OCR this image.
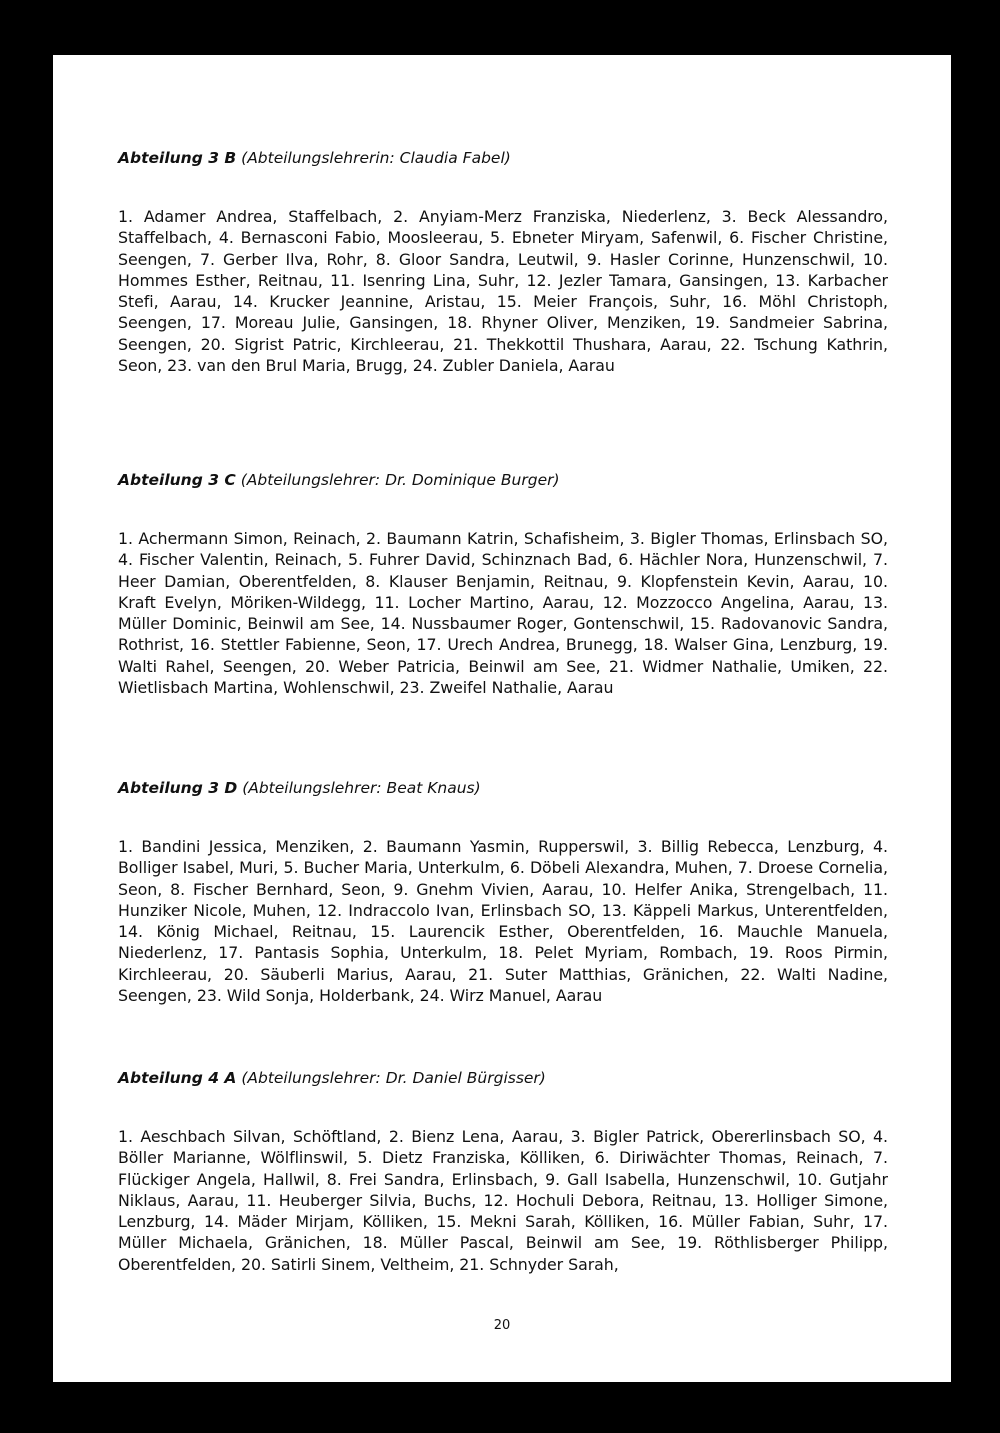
Abteilung 3 B (Abteilungslehrerin: Claudia Fabel)
1. Adamer Andrea, Staffelbach, 2. Anyiam-Merz Franziska, Niederlenz, 3. Beck Alessandro, Staffelbach, 4. Bernasconi Fabio, Moosleerau, 5. Ebneter Miryam, Safenwil, 6. Fischer Christine, Seengen, 7. Gerber Ilva, Rohr, 8. Gloor Sandra, Leutwil, 9. Hasler Corinne, Hunzenschwil, 10. Hommes Esther, Reitnau, 11. Isenring Lina, Suhr, 12. Jezler Tamara, Gansingen, 13. Karbacher Stefi, Aarau, 14. Krucker Jeannine, Aristau, 15. Meier François, Suhr, 16. Möhl Christoph, Seengen, 17. Moreau Julie, Gansingen, 18. Rhyner Oliver, Menziken, 19. Sandmeier Sabrina, Seengen, 20. Sigrist Patric, Kirchleerau, 21. Thekkottil Thushara, Aarau, 22. Tschung Kathrin, Seon, 23. van den Brul Maria, Brugg, 24. Zubler Daniela, Aarau
Abteilung 3 C (Abteilungslehrer: Dr. Dominique Burger)
1. Achermann Simon, Reinach, 2. Baumann Katrin, Schafisheim, 3. Bigler Thomas, Erlinsbach SO, 4. Fischer Valentin, Reinach, 5. Fuhrer David, Schinznach Bad, 6. Hächler Nora, Hunzenschwil, 7. Heer Damian, Oberentfelden, 8. Klauser Benjamin, Reitnau, 9. Klopfenstein Kevin, Aarau, 10. Kraft Evelyn, Möriken-Wildegg, 11. Locher Martino, Aarau, 12. Mozzocco Angelina, Aarau, 13. Müller Dominic, Beinwil am See, 14. Nussbaumer Roger, Gontenschwil, 15. Radovanovic Sandra, Rothrist, 16. Stettler Fabienne, Seon, 17. Urech Andrea, Brunegg, 18. Walser Gina, Lenzburg, 19. Walti Rahel, Seengen, 20. Weber Patricia, Beinwil am See, 21. Widmer Nathalie, Umiken, 22. Wietlisbach Martina, Wohlenschwil, 23. Zweifel Nathalie, Aarau
Abteilung 3 D (Abteilungslehrer: Beat Knaus)
1. Bandini Jessica, Menziken, 2. Baumann Yasmin, Rupperswil, 3. Billig Rebecca, Lenzburg, 4. Bolliger Isabel, Muri, 5. Bucher Maria, Unterkulm, 6. Döbeli Alexandra, Muhen, 7. Droese Cornelia, Seon, 8. Fischer Bernhard, Seon, 9. Gnehm Vivien, Aarau, 10. Helfer Anika, Strengelbach, 11. Hunziker Nicole, Muhen, 12. Indraccolo Ivan, Erlinsbach SO, 13. Käppeli Markus, Unterentfelden, 14. König Michael, Reitnau, 15. Laurencik Esther, Oberentfelden, 16. Mauchle Manuela, Niederlenz, 17. Pantasis Sophia, Unterkulm, 18. Pelet Myriam, Rombach, 19. Roos Pirmin, Kirchleerau, 20. Säuberli Marius, Aarau, 21. Suter Matthias, Gränichen, 22. Walti Nadine, Seengen, 23. Wild Sonja, Holderbank, 24. Wirz Manuel, Aarau
Abteilung 4 A (Abteilungslehrer: Dr. Daniel Bürgisser)
1. Aeschbach Silvan, Schöftland, 2. Bienz Lena, Aarau, 3. Bigler Patrick, Obererlinsbach SO, 4. Böller Marianne, Wölflinswil, 5. Dietz Franziska, Kölliken, 6. Diriwächter Thomas, Reinach, 7. Flückiger Angela, Hallwil, 8. Frei Sandra, Erlinsbach, 9. Gall Isabella, Hunzenschwil, 10. Gutjahr Niklaus, Aarau, 11. Heuberger Silvia, Buchs, 12. Hochuli Debora, Reitnau, 13. Holliger Simone, Lenzburg, 14. Mäder Mirjam, Kölliken, 15. Mekni Sarah, Kölliken, 16. Müller Fabian, Suhr, 17. Müller Michaela, Gränichen, 18. Müller Pascal, Beinwil am See, 19. Röthlisberger Philipp, Oberentfelden, 20. Satirli Sinem, Veltheim, 21. Schnyder Sarah,
20
